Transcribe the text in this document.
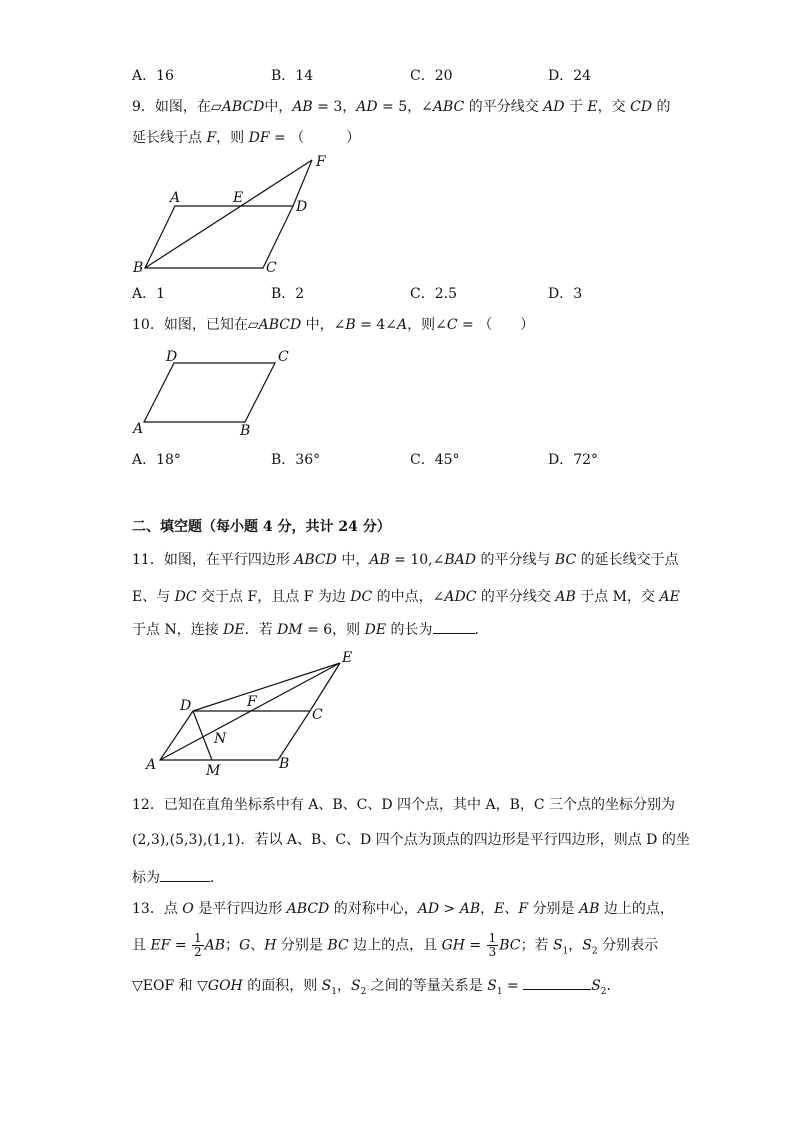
A．16	B．14	C．20	D．24
9．如图，在▱ABCD中，AB = 3，AD = 5，∠ABC 的平分线交 AD 于 E，交 CD 的
延长线于点 F，则 DF = （　　　）
A	E
D
F
B	C
A．1	B．2	C．2.5	D．3
10．如图，已知在▱ABCD 中，∠B = 4∠A，则∠C = （　　）
D	C
A	B
A．18°	B．36°	C．45°	D．72°
二、填空题（每小题 4 分，共计 24 分）
11．如图，在平行四边形 ABCD 中，AB = 10,∠BAD 的平分线与 BC 的延长线交于点
E、与 DC 交于点 F，且点 F 为边 DC 的中点，∠ADC 的平分线交 AB 于点 M，交 AE
于点 N，连接 DE．若 DM = 6，则 DE 的长为	．
E
D	F
C
N
A	M	B
12．已知在直角坐标系中有 A、B、C、D 四个点，其中 A，B，C 三个点的坐标分别为
(2,3),(5,3),(1,1)．若以 A、B、C、D 四个点为顶点的四边形是平行四边形，则点 D 的坐
标为	．
13．点 O 是平行四边形 ABCD 的对称中心，AD > AB，E、F 分别是 AB 边上的点，
且 EF = $\frac{1}{2}$ AB；G、H 分别是 BC 边上的点，且 GH = $\frac{1}{3}$ BC；若 $S_1$，$S_2$ 分别表示
▽EOF 和 ▽GOH 的面积，则 $S_1$，$S_2$ 之间的等量关系是 $S_1$ =	$S_2$．
